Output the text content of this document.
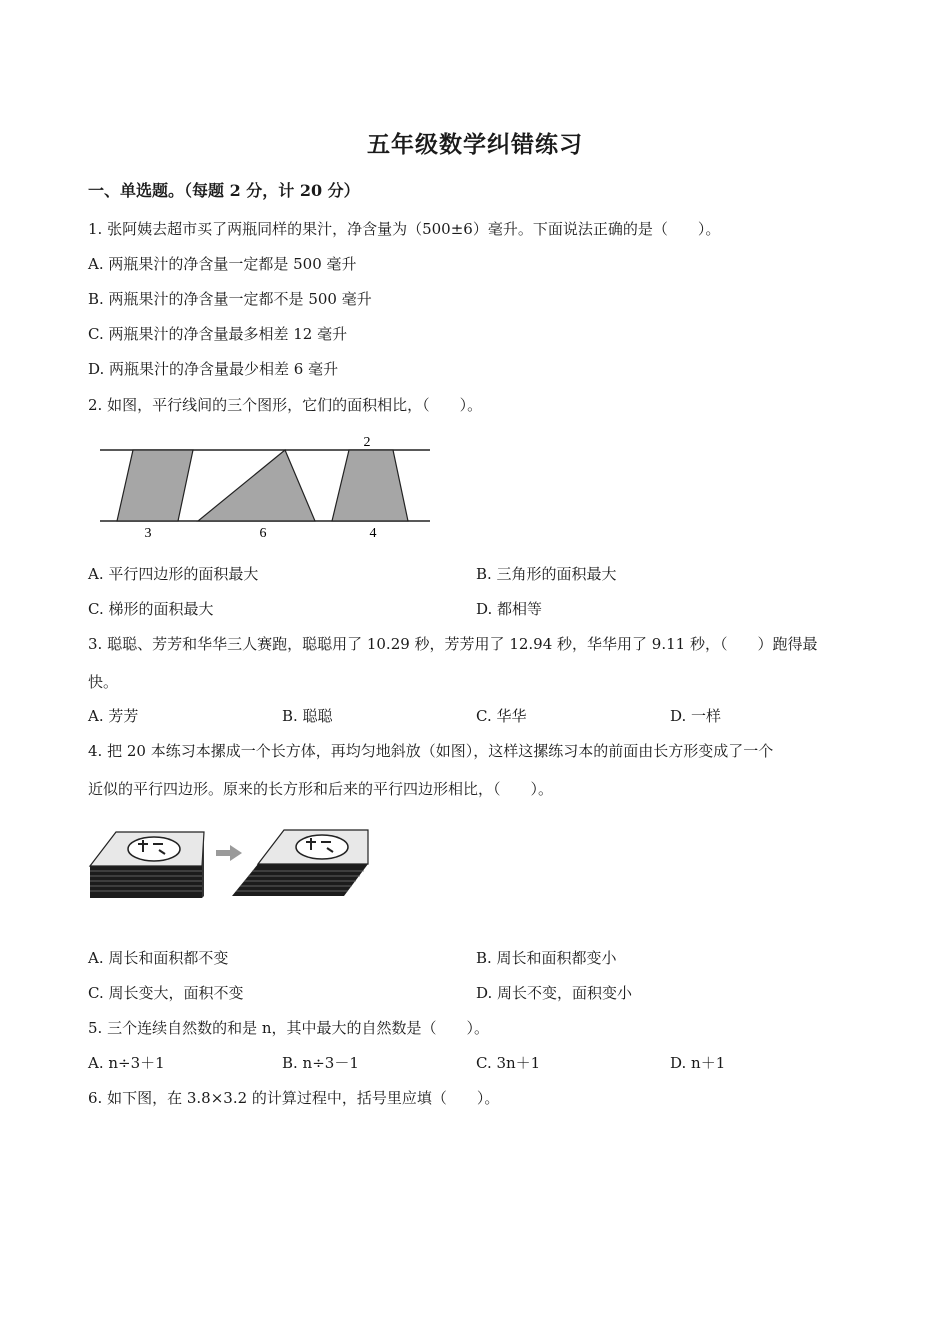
五年级数学纠错练习
一、单选题。（每题 2 分，计 20 分）
1. 张阿姨去超市买了两瓶同样的果汁，净含量为（500±6）毫升。下面说法正确的是（　　）。
A. 两瓶果汁的净含量一定都是 500 毫升
B. 两瓶果汁的净含量一定都不是 500 毫升
C. 两瓶果汁的净含量最多相差 12 毫升
D. 两瓶果汁的净含量最少相差 6 毫升
2. 如图，平行线间的三个图形，它们的面积相比，（　　）。
2
3	6	4
A. 平行四边形的面积最大	B. 三角形的面积最大
C. 梯形的面积最大	D. 都相等
3. 聪聪、芳芳和华华三人赛跑，聪聪用了 10.29 秒，芳芳用了 12.94 秒，华华用了 9.11 秒，（　　）跑得最
快。
A. 芳芳	B. 聪聪	C. 华华	D. 一样
4. 把 20 本练习本摞成一个长方体，再均匀地斜放（如图），这样这摞练习本的前面由长方形变成了一个
近似的平行四边形。原来的长方形和后来的平行四边形相比，（　　）。
A. 周长和面积都不变	B. 周长和面积都变小
C. 周长变大，面积不变	D. 周长不变，面积变小
5. 三个连续自然数的和是 n，其中最大的自然数是（　　）。
A. n÷3＋1	B. n÷3－1	C. 3n＋1	D. n＋1
6. 如下图，在 3.8×3.2 的计算过程中，括号里应填（　　）。
